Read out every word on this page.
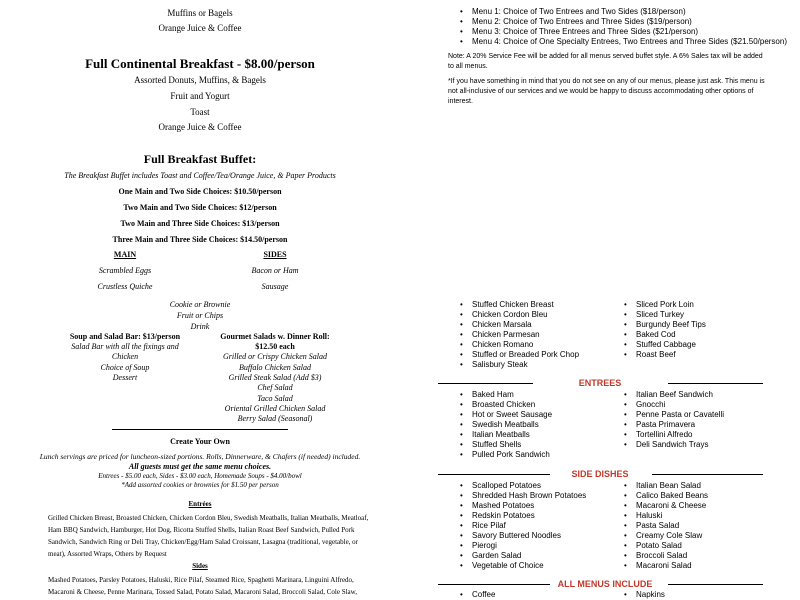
Muffins or Bagels
Orange Juice & Coffee
Full Continental Breakfast - $8.00/person
Assorted Donuts, Muffins, & Bagels
Fruit and Yogurt
Toast
Orange Juice & Coffee
Full Breakfast Buffet:
The Breakfast Buffet includes Toast and Coffee/Tea/Orange Juice, & Paper Products
One Main and Two Side Choices: $10.50/person
Two Main and Two Side Choices: $12/person
Two Main and Three Side Choices: $13/person
Three Main and Three Side Choices: $14.50/person
MAIN	SIDES
Scrambled Eggs	Bacon or Ham
Crustless Quiche	Sausage
Cookie or Brownie
Fruit or Chips
Drink
Soup and Salad Bar: $13/person
Salad Bar with all the fixings and
Chicken
Choice of Soup
Dessert
Gourmet Salads w. Dinner Roll:
$12.50 each
Grilled or Crispy Chicken Salad
Buffalo Chicken Salad
Grilled Steak Salad (Add $3)
Chef Salad
Taco Salad
Oriental Grilled Chicken Salad
Berry Salad (Seasonal)
Create Your Own
Lunch servings are priced for luncheon-sized portions. Rolls, Dinnerware, & Chafers (if needed) included.
All guests must get the same menu choices.
Entrees - $5.00 each, Sides - $3.00 each, Homemade Soups - $4.00/bowl
*Add assorted cookies or brownies for $1.50 per person
Entrées
Grilled Chicken Breast, Broasted Chicken, Chicken Cordon Bleu, Swedish Meatballs, Italian Meatballs, Meatloaf, Ham BBQ Sandwich, Hamburger, Hot Dog, Ricotta Stuffed Shells, Italian Roast Beef Sandwich, Pulled Pork Sandwich, Sandwich Ring or Deli Tray, Chicken/Egg/Ham Salad Croissant, Lasagna (traditional, vegetable, or meat), Assorted Wraps, Others by Request
Sides
Mashed Potatoes, Parsley Potatoes, Haluski, Rice Pilaf, Steamed Rice, Spaghetti Marinara, Linguini Alfredo, Macaroni & Cheese, Penne Marinara, Tossed Salad, Potato Salad, Macaroni Salad, Broccoli Salad, Cole Slaw,
• Menu 1: Choice of Two Entrees and Two Sides ($18/person)
• Menu 2: Choice of Two Entrees and Three Sides ($19/person)
• Menu 3: Choice of Three Entrees and Three Sides ($21/person)
• Menu 4: Choice of One Specialty Entrees, Two Entrees and Three Sides ($21.50/person)
Note: A 20% Service Fee will be added for all menus served buffet style. A 6% Sales tax will be added to all menus.
*If you have something in mind that you do not see on any of our menus, please just ask. This menu is not all-inclusive of our services and we would be happy to discuss accommodating other options of interest.
• Stuffed Chicken Breast
• Chicken Cordon Bleu
• Chicken Marsala
• Chicken Parmesan
• Chicken Romano
• Stuffed or Breaded Pork Chop
• Salisbury Steak
• Sliced Pork Loin
• Sliced Turkey
• Burgundy Beef Tips
• Baked Cod
• Stuffed Cabbage
• Roast Beef
ENTREES
• Baked Ham
• Broasted Chicken
• Hot or Sweet Sausage
• Swedish Meatballs
• Italian Meatballs
• Stuffed Shells
• Pulled Pork Sandwich
• Italian Beef Sandwich
• Gnocchi
• Penne Pasta or Cavatelli
• Pasta Primavera
• Tortellini Alfredo
• Deli Sandwich Trays
SIDE DISHES
• Scalloped Potatoes
• Shredded Hash Brown Potatoes
• Mashed Potatoes
• Redskin Potatoes
• Rice Pilaf
• Savory Buttered Noodles
• Pierogi
• Garden Salad
• Vegetable of Choice
• Italian Bean Salad
• Calico Baked Beans
• Macaroni & Cheese
• Haluski
• Pasta Salad
• Creamy Cole Slaw
• Potato Salad
• Broccoli Salad
• Macaroni Salad
ALL MENUS INCLUDE
• Coffee
•	Napkins
